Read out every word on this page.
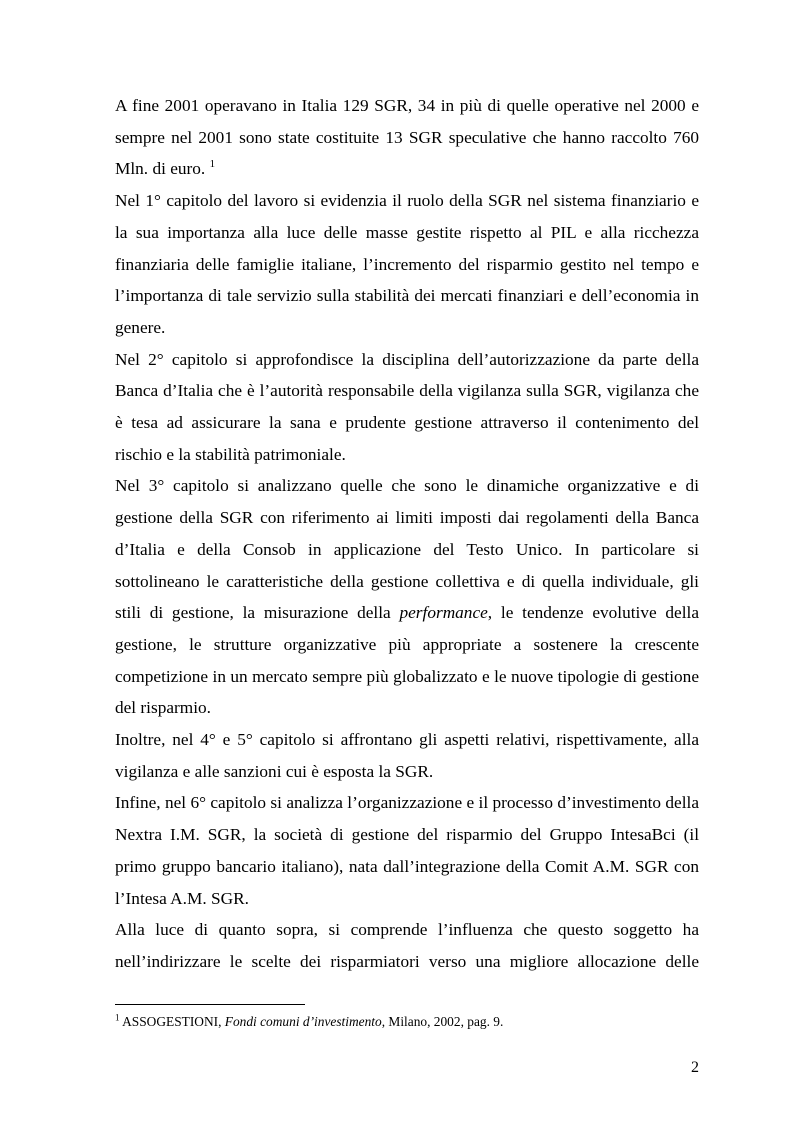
A fine 2001 operavano in Italia 129 SGR, 34 in più di quelle operative nel 2000 e sempre nel 2001 sono state costituite 13 SGR speculative che hanno raccolto 760 Mln. di euro. $^1$

Nel 1° capitolo del lavoro si evidenzia il ruolo della SGR nel sistema finanziario e la sua importanza alla luce delle masse gestite rispetto al PIL e alla ricchezza finanziaria delle famiglie italiane, l’incremento del risparmio gestito nel tempo e l’importanza di tale servizio sulla stabilità dei mercati finanziari e dell’economia in genere.

Nel 2° capitolo si approfondisce la disciplina dell’autorizzazione da parte della Banca d’Italia che è l’autorità responsabile della vigilanza sulla SGR, vigilanza che è tesa ad assicurare la sana e prudente gestione attraverso il contenimento del rischio e la stabilità patrimoniale.

Nel 3° capitolo si analizzano quelle che sono le dinamiche organizzative e di gestione della SGR con riferimento ai limiti imposti dai regolamenti della Banca d’Italia e della Consob in applicazione del Testo Unico. In particolare si sottolineano le caratteristiche della gestione collettiva e di quella individuale, gli stili di gestione, la misurazione della performance, le tendenze evolutive della gestione, le strutture organizzative più appropriate a sostenere la crescente competizione in un mercato sempre più globalizzato e le nuove tipologie di gestione del risparmio.

Inoltre, nel 4° e 5° capitolo si affrontano gli aspetti relativi, rispettivamente, alla vigilanza e alle sanzioni cui è esposta la SGR.

Infine, nel 6° capitolo si analizza l’organizzazione e il processo d’investimento della Nextra I.M. SGR, la società di gestione del risparmio del Gruppo IntesaBci (il primo gruppo bancario italiano), nata dall’integrazione della Comit A.M. SGR con l’Intesa A.M. SGR.

Alla luce di quanto sopra, si comprende l’influenza che questo soggetto ha nell’indirizzare le scelte dei risparmiatori verso una migliore allocazione delle

$^1$ ASSOGESTIONI, Fondi comuni d’investimento, Milano, 2002, pag. 9.
2
